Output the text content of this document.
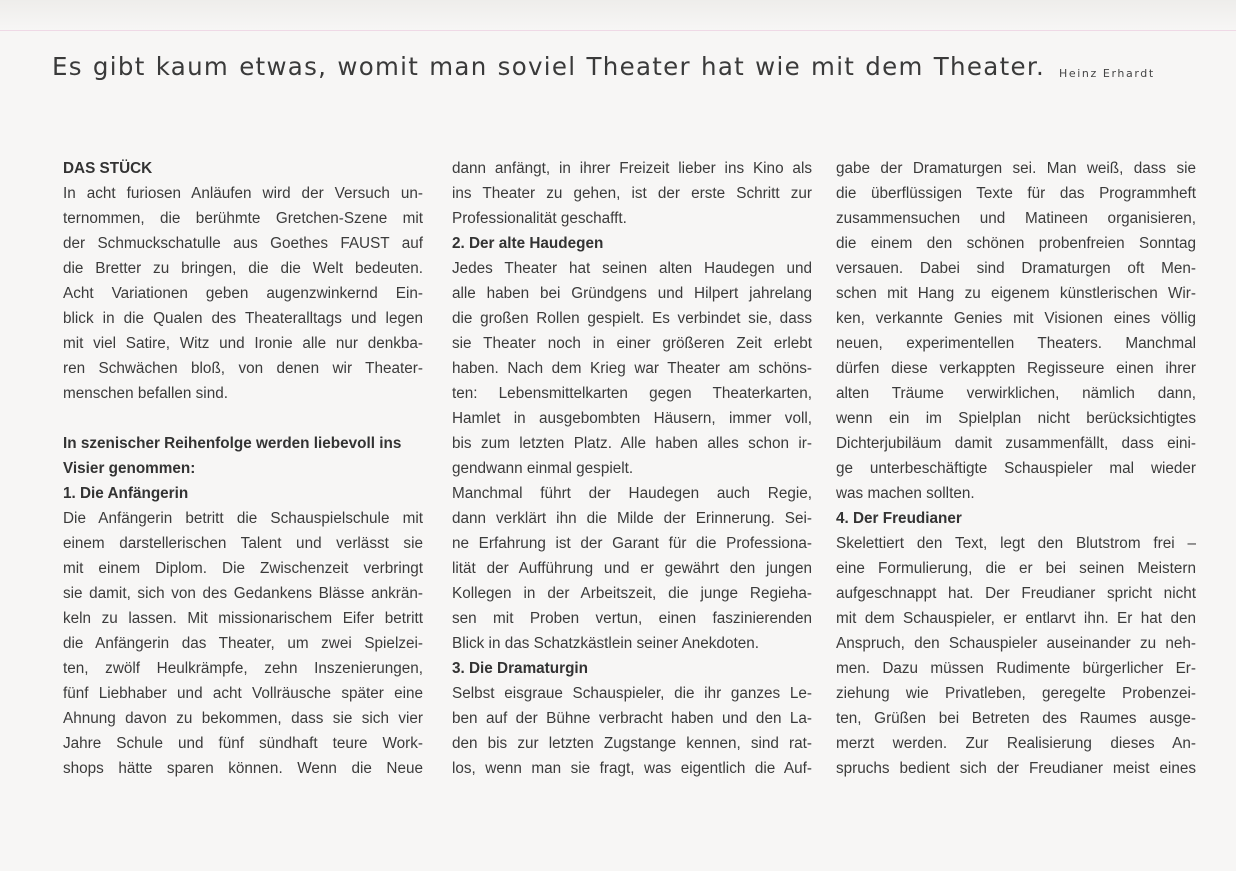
Es gibt kaum etwas, womit man soviel Theater hat wie mit dem Theater. Heinz Erhardt
DAS STÜCK

In acht furiosen Anläufen wird der Versuch un-
ternommen, die berühmte Gretchen-Szene mit
der Schmuckschatulle aus Goethes FAUST auf
die Bretter zu bringen, die die Welt bedeuten.
Acht Variationen geben augenzwinkernd Ein-
blick in die Qualen des Theateralltags und legen
mit viel Satire, Witz und Ironie alle nur denkba-
ren Schwächen bloß, von denen wir Theater-
menschen befallen sind.

In szenischer Reihenfolge werden liebevoll ins
Visier genommen:
1. Die Anfängerin

Die Anfängerin betritt die Schauspielschule mit
einem darstellerischen Talent und verlässt sie
mit einem Diplom. Die Zwischenzeit verbringt
sie damit, sich von des Gedankens Blässe ankrän-
keln zu lassen. Mit missionarischem Eifer betritt
die Anfängerin das Theater, um zwei Spielzei-
ten, zwölf Heulkrämpfe, zehn Inszenierungen,
fünf Liebhaber und acht Vollräusche später eine
Ahnung davon zu bekommen, dass sie sich vier
Jahre Schule und fünf sündhaft teure Work-
shops hätte sparen können. Wenn die Neue

dann anfängt, in ihrer Freizeit lieber ins Kino als
ins Theater zu gehen, ist der erste Schritt zur
Professionalität geschafft.

2. Der alte Haudegen

Jedes Theater hat seinen alten Haudegen und
alle haben bei Gründgens und Hilpert jahrelang
die großen Rollen gespielt. Es verbindet sie, dass
sie Theater noch in einer größeren Zeit erlebt
haben. Nach dem Krieg war Theater am schöns-
ten: Lebensmittelkarten gegen Theaterkarten,
Hamlet in ausgebombten Häusern, immer voll,
bis zum letzten Platz. Alle haben alles schon ir-
gendwann einmal gespielt.

Manchmal führt der Haudegen auch Regie,
dann verklärt ihn die Milde der Erinnerung. Sei-
ne Erfahrung ist der Garant für die Professiona-
lität der Aufführung und er gewährt den jungen
Kollegen in der Arbeitszeit, die junge Regieha-
sen mit Proben vertun, einen faszinierenden
Blick in das Schatzkästlein seiner Anekdoten.

3. Die Dramaturgin

Selbst eisgraue Schauspieler, die ihr ganzes Le-
ben auf der Bühne verbracht haben und den La-
den bis zur letzten Zugstange kennen, sind rat-
los, wenn man sie fragt, was eigentlich die Auf-

gabe der Dramaturgen sei. Man weiß, dass sie
die überflüssigen Texte für das Programmheft
zusammensuchen und Matineen organisieren,
die einem den schönen probenfreien Sonntag
versauen. Dabei sind Dramaturgen oft Men-
schen mit Hang zu eigenem künstlerischen Wir-
ken, verkannte Genies mit Visionen eines völlig
neuen, experimentellen Theaters. Manchmal
dürfen diese verkappten Regisseure einen ihrer
alten Träume verwirklichen, nämlich dann,
wenn ein im Spielplan nicht berücksichtigtes
Dichterjubiläum damit zusammenfällt, dass eini-
ge unterbeschäftigte Schauspieler mal wieder
was machen sollten.

4. Der Freudianer

Skelettiert den Text, legt den Blutstrom frei –
eine Formulierung, die er bei seinen Meistern
aufgeschnappt hat. Der Freudianer spricht nicht
mit dem Schauspieler, er entlarvt ihn. Er hat den
Anspruch, den Schauspieler auseinander zu neh-
men. Dazu müssen Rudimente bürgerlicher Er-
ziehung wie Privatleben, geregelte Probenzei-
ten, Grüßen bei Betreten des Raumes ausge-
merzt werden. Zur Realisierung dieses An-
spruchs bedient sich der Freudianer meist eines
